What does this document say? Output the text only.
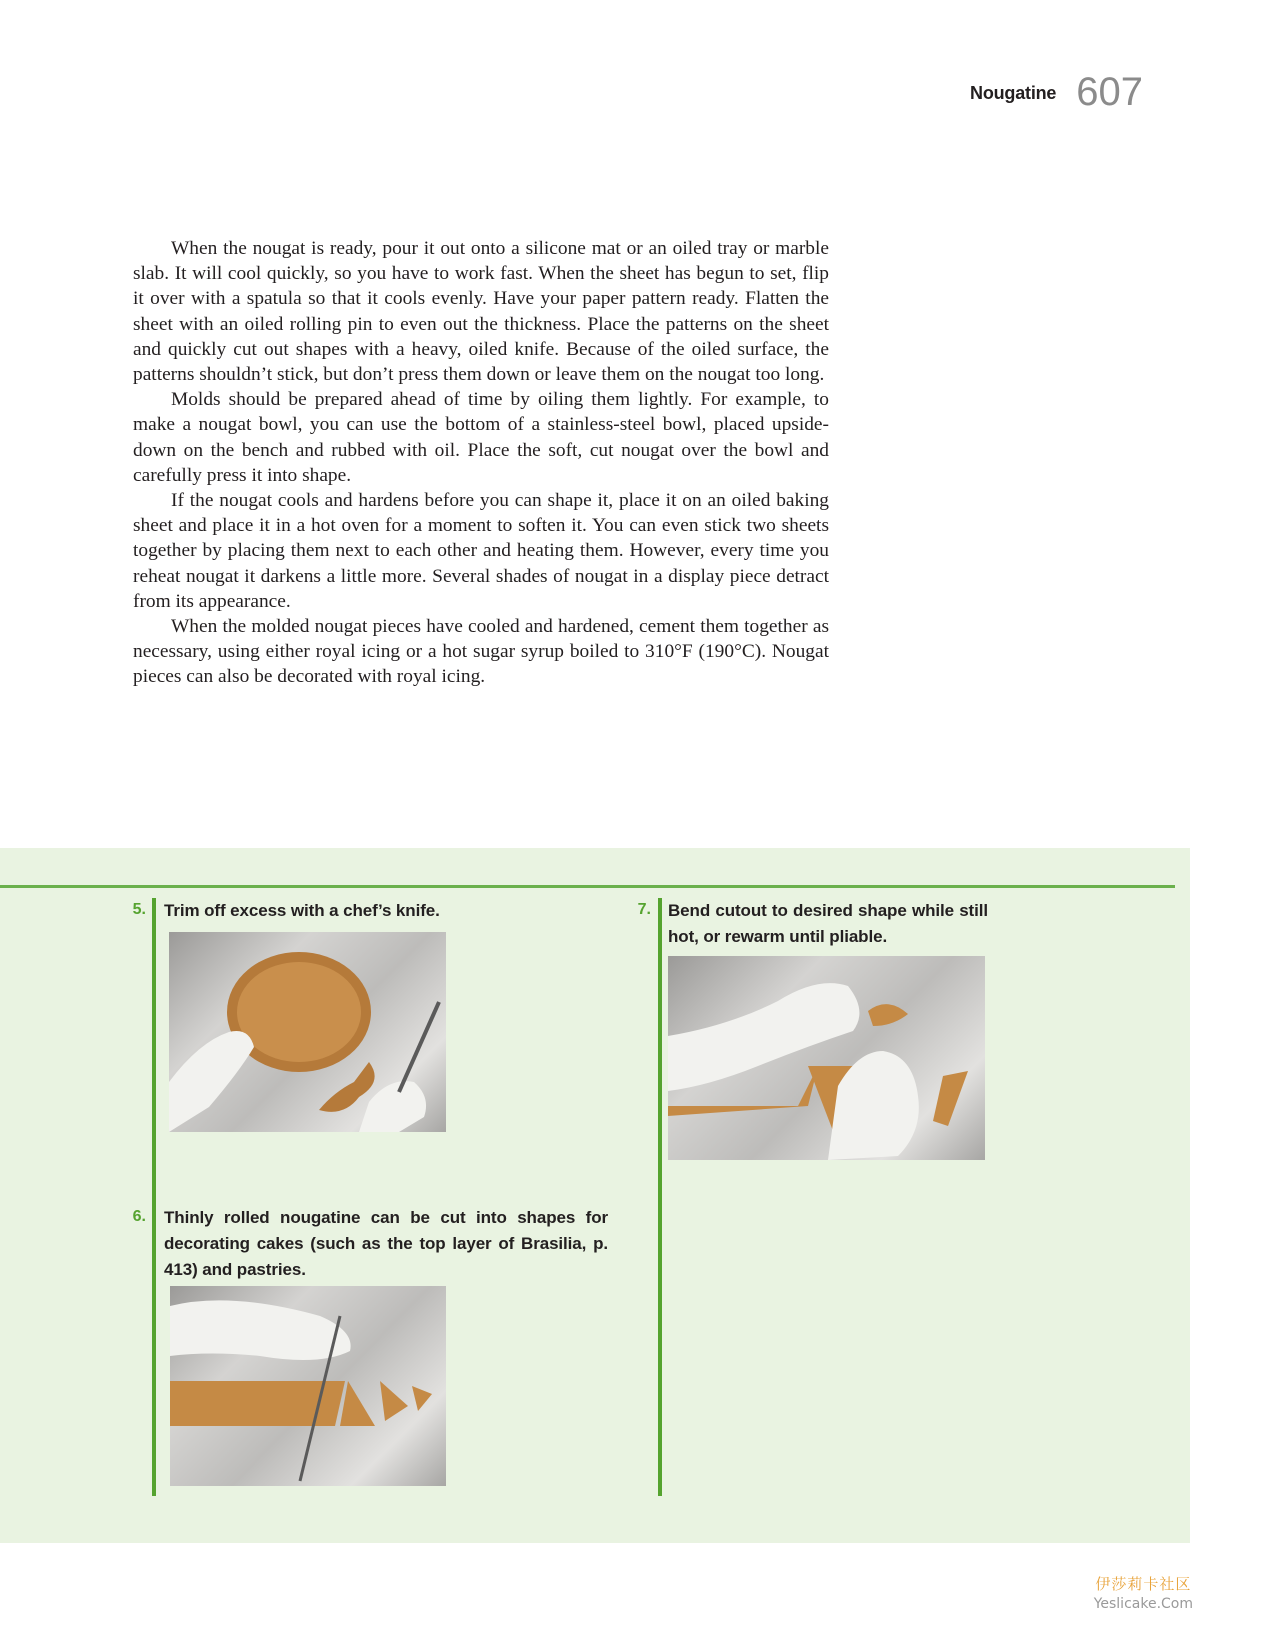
Nougatine 607

When the nougat is ready, pour it out onto a silicone mat or an oiled tray or marble slab. It will cool quickly, so you have to work fast. When the sheet has begun to set, flip it over with a spatula so that it cools evenly. Have your paper pattern ready. Flatten the sheet with an oiled rolling pin to even out the thickness. Place the patterns on the sheet and quickly cut out shapes with a heavy, oiled knife. Because of the oiled surface, the patterns shouldn’t stick, but don’t press them down or leave them on the nougat too long.

Molds should be prepared ahead of time by oiling them lightly. For example, to make a nougat bowl, you can use the bottom of a stainless-steel bowl, placed upside-down on the bench and rubbed with oil. Place the soft, cut nougat over the bowl and carefully press it into shape.

If the nougat cools and hardens before you can shape it, place it on an oiled baking sheet and place it in a hot oven for a moment to soften it. You can even stick two sheets together by placing them next to each other and heating them. However, every time you reheat nougat it darkens a little more. Several shades of nougat in a display piece detract from its appearance.

When the molded nougat pieces have cooled and hardened, cement them together as necessary, using either royal icing or a hot sugar syrup boiled to 310°F (190°C). Nougat pieces can also be decorated with royal icing.

5. Trim off excess with a chef’s knife.
6. Thinly rolled nougatine can be cut into shapes for decorating cakes (such as the top layer of Brasilia, p. 413) and pastries.
7. Bend cutout to desired shape while still hot, or rewarm until pliable.
伊莎莉卡社区
Yeslicake.Com
